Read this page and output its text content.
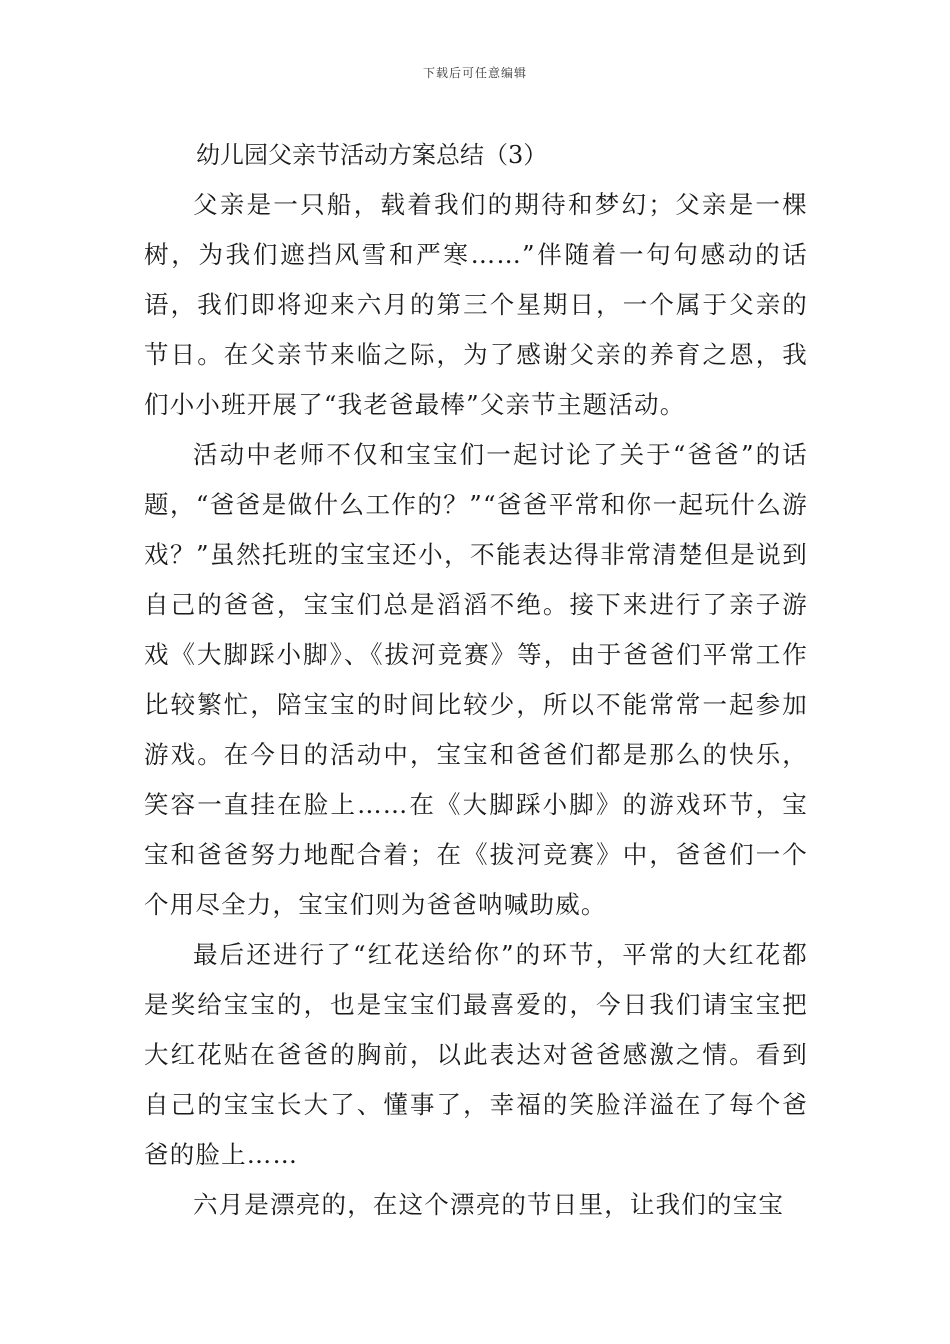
下载后可任意编辑
幼儿园父亲节活动方案总结（3）

父亲是一只船，载着我们的期待和梦幻；父亲是一棵树，为我们遮挡风雪和严寒……”伴随着一句句感动的话语，我们即将迎来六月的第三个星期日，一个属于父亲的节日。在父亲节来临之际，为了感谢父亲的养育之恩，我们小小班开展了“我老爸最棒”父亲节主题活动。

活动中老师不仅和宝宝们一起讨论了关于“爸爸”的话题，“爸爸是做什么工作的？”“爸爸平常和你一起玩什么游戏？”虽然托班的宝宝还小，不能表达得非常清楚但是说到自己的爸爸，宝宝们总是滔滔不绝。接下来进行了亲子游戏《大脚踩小脚》、《拔河竞赛》等，由于爸爸们平常工作比较繁忙，陪宝宝的时间比较少，所以不能常常一起参加游戏。在今日的活动中，宝宝和爸爸们都是那么的快乐，笑容一直挂在脸上……在《大脚踩小脚》的游戏环节，宝宝和爸爸努力地配合着；在《拔河竞赛》中，爸爸们一个个用尽全力，宝宝们则为爸爸呐喊助威。

最后还进行了“红花送给你”的环节，平常的大红花都是奖给宝宝的，也是宝宝们最喜爱的，今日我们请宝宝把大红花贴在爸爸的胸前，以此表达对爸爸感激之情。看到自己的宝宝长大了、懂事了，幸福的笑脸洋溢在了每个爸爸的脸上……

六月是漂亮的，在这个漂亮的节日里，让我们的宝宝
